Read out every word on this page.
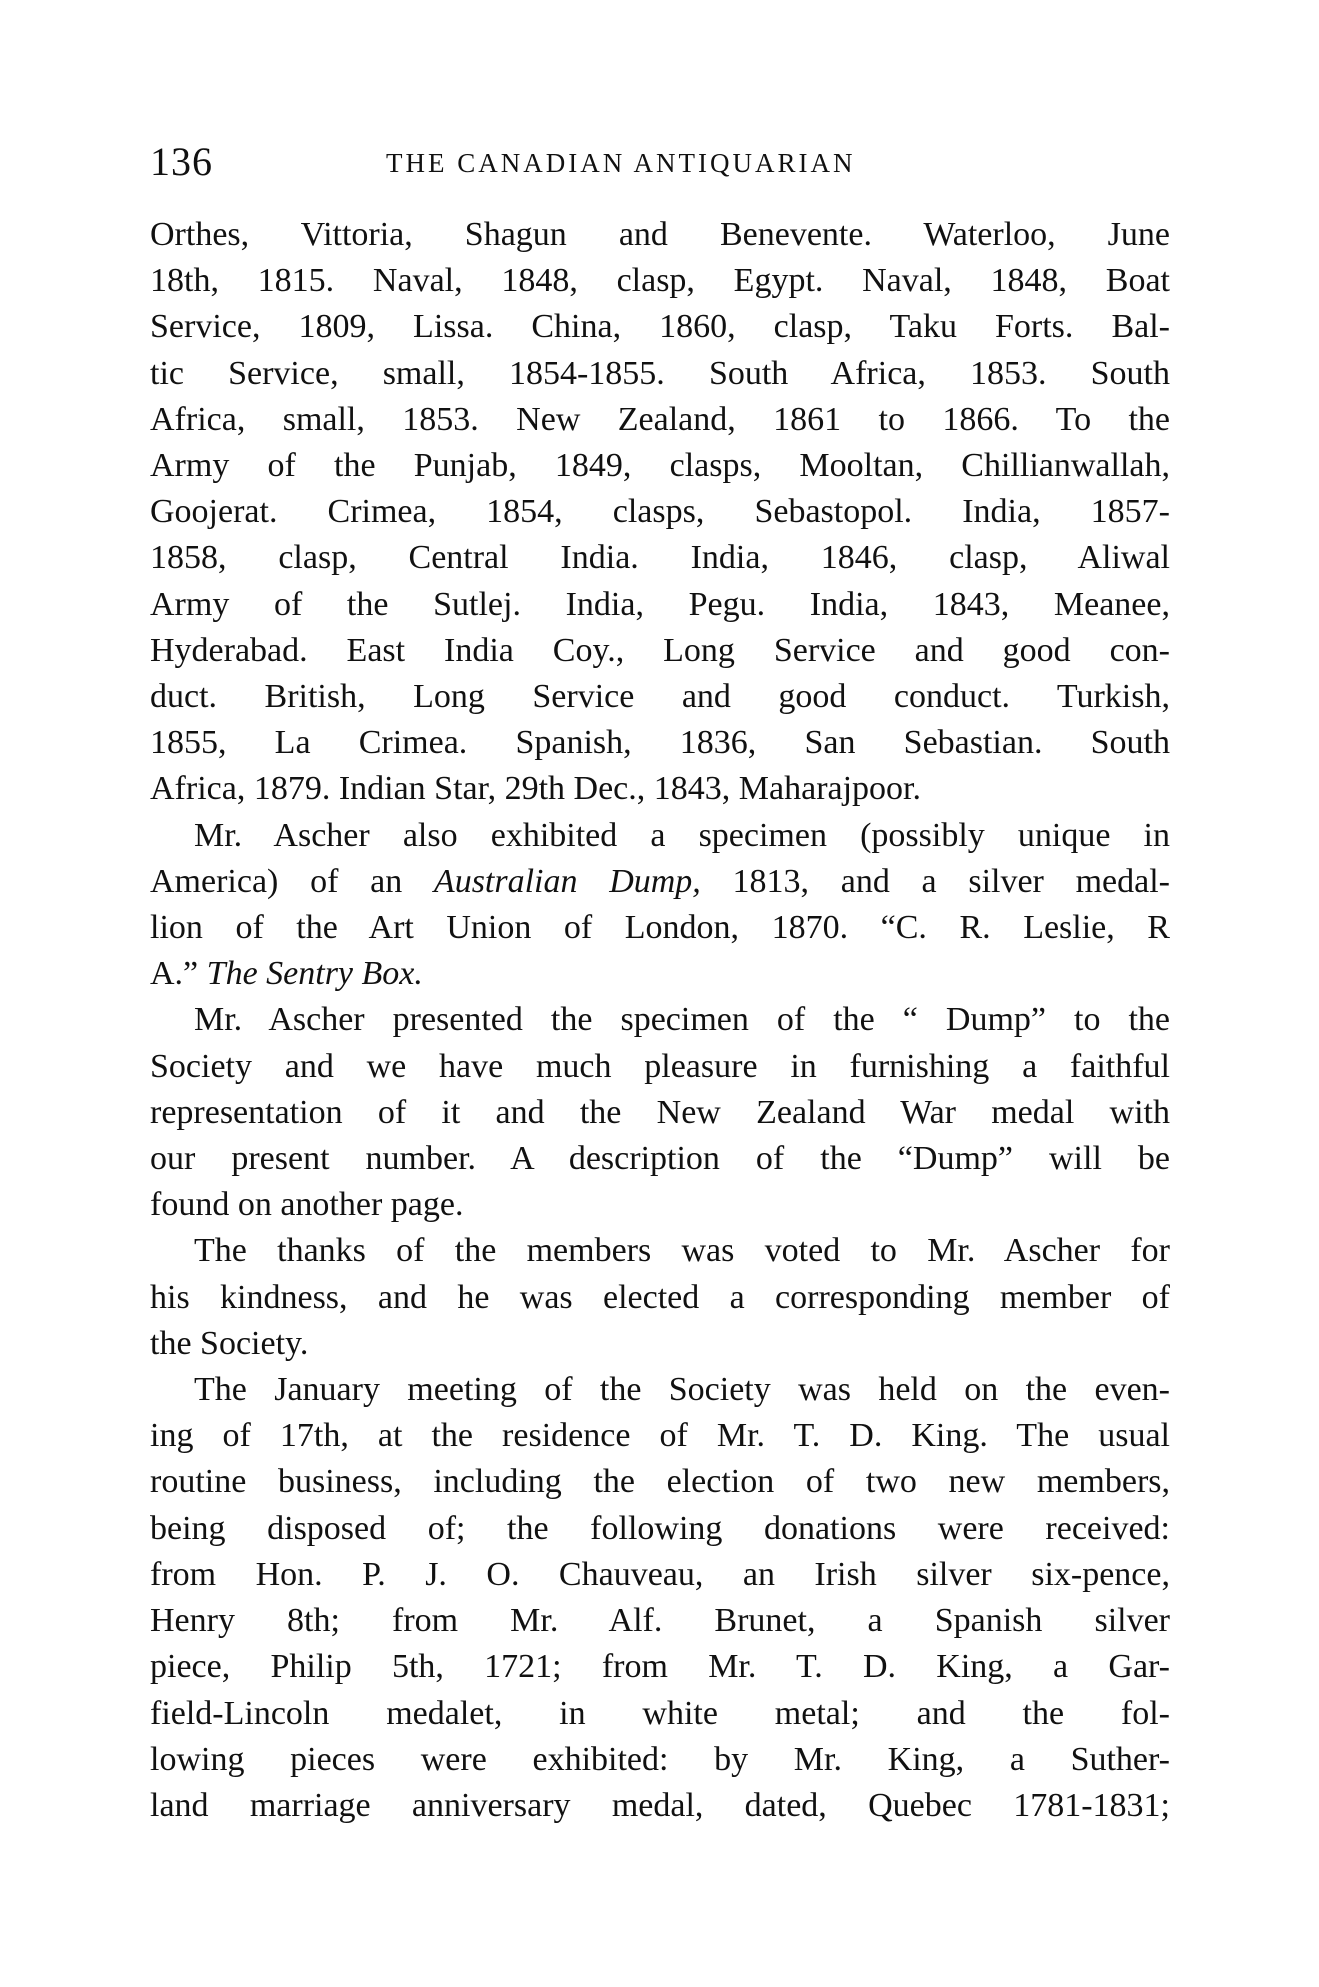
136	THE CANADIAN ANTIQUARIAN

Orthes, Vittoria, Shagun and Benevente. Waterloo, June
18th, 1815. Naval, 1848, clasp, Egypt. Naval, 1848, Boat
Service, 1809, Lissa. China, 1860, clasp, Taku Forts. Bal-
tic Service, small, 1854-1855. South Africa, 1853. South
Africa, small, 1853. New Zealand, 1861 to 1866. To the
Army of the Punjab, 1849, clasps, Mooltan, Chillianwallah,
Goojerat. Crimea, 1854, clasps, Sebastopol. India, 1857-
1858, clasp, Central India. India, 1846, clasp, Aliwal
Army of the Sutlej. India, Pegu. India, 1843, Meanee,
Hyderabad. East India Coy., Long Service and good con-
duct. British, Long Service and good conduct. Turkish,
1855, La Crimea. Spanish, 1836, San Sebastian. South
Africa, 1879. Indian Star, 29th Dec., 1843, Maharajpoor.

Mr. Ascher also exhibited a specimen (possibly unique in
America) of an Australian Dump, 1813, and a silver medal-
lion of the Art Union of London, 1870. “C. R. Leslie, R
A.” The Sentry Box.

Mr. Ascher presented the specimen of the “ Dump” to the
Society and we have much pleasure in furnishing a faithful
representation of it and the New Zealand War medal with
our present number. A description of the “Dump” will be
found on another page.

The thanks of the members was voted to Mr. Ascher for
his kindness, and he was elected a corresponding member of
the Society.

The January meeting of the Society was held on the even-
ing of 17th, at the residence of Mr. T. D. King. The usual
routine business, including the election of two new members,
being disposed of; the following donations were received:
from Hon. P. J. O. Chauveau, an Irish silver six-pence,
Henry 8th; from Mr. Alf. Brunet, a Spanish silver
piece, Philip 5th, 1721; from Mr. T. D. King, a Gar-
field-Lincoln medalet, in white metal; and the fol-
lowing pieces were exhibited: by Mr. King, a Suther-
land marriage anniversary medal, dated, Quebec 1781-1831;
